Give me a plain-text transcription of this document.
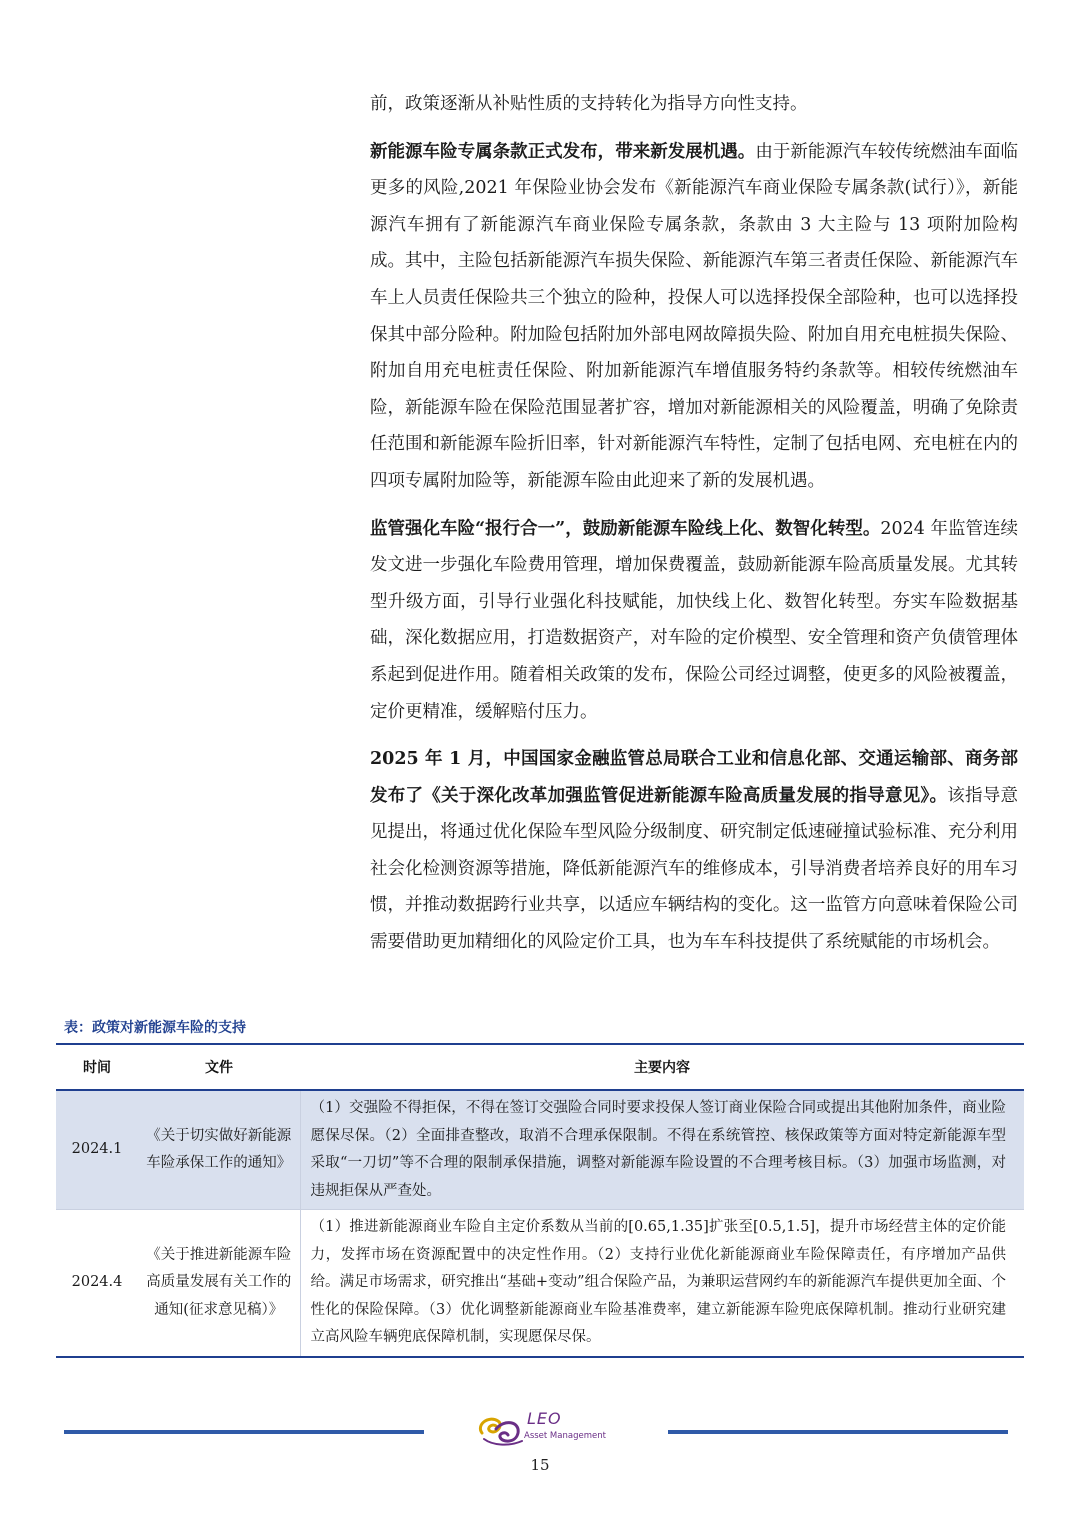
前，政策逐渐从补贴性质的支持转化为指导方向性支持。

新能源车险专属条款正式发布，带来新发展机遇。由于新能源汽车较传统燃油车面临更多的风险,2021 年保险业协会发布《新能源汽车商业保险专属条款(试行）》，新能源汽车拥有了新能源汽车商业保险专属条款，条款由 3 大主险与 13 项附加险构成。其中，主险包括新能源汽车损失保险、新能源汽车第三者责任保险、新能源汽车车上人员责任保险共三个独立的险种，投保人可以选择投保全部险种，也可以选择投保其中部分险种。附加险包括附加外部电网故障损失险、附加自用充电桩损失保险、附加自用充电桩责任保险、附加新能源汽车增值服务特约条款等。相较传统燃油车险，新能源车险在保险范围显著扩容，增加对新能源相关的风险覆盖，明确了免除责任范围和新能源车险折旧率，针对新能源汽车特性，定制了包括电网、充电桩在内的四项专属附加险等，新能源车险由此迎来了新的发展机遇。

监管强化车险“报行合一”，鼓励新能源车险线上化、数智化转型。2024 年监管连续发文进一步强化车险费用管理，增加保费覆盖，鼓励新能源车险高质量发展。尤其转型升级方面，引导行业强化科技赋能，加快线上化、数智化转型。夯实车险数据基础，深化数据应用，打造数据资产，对车险的定价模型、安全管理和资产负债管理体系起到促进作用。随着相关政策的发布，保险公司经过调整，使更多的风险被覆盖，定价更精准，缓解赔付压力。

2025 年 1 月，中国国家金融监管总局联合工业和信息化部、交通运输部、商务部发布了《关于深化改革加强监管促进新能源车险高质量发展的指导意见》。该指导意见提出，将通过优化保险车型风险分级制度、研究制定低速碰撞试验标准、充分利用社会化检测资源等措施，降低新能源汽车的维修成本，引导消费者培养良好的用车习惯，并推动数据跨行业共享，以适应车辆结构的变化。这一监管方向意味着保险公司需要借助更加精细化的风险定价工具，也为车车科技提供了系统赋能的市场机会。

表：政策对新能源车险的支持
时间	文件	主要内容
2024.1	《关于切实做好新能源车险承保工作的通知》	（1）交强险不得拒保，不得在签订交强险合同时要求投保人签订商业保险合同或提出其他附加条件，商业险愿保尽保。（2）全面排查整改，取消不合理承保限制。不得在系统管控、核保政策等方面对特定新能源车型采取“一刀切”等不合理的限制承保措施，调整对新能源车险设置的不合理考核目标。（3）加强市场监测，对违规拒保从严查处。
2024.4	《关于推进新能源车险高质量发展有关工作的通知(征求意见稿）》	（1）推进新能源商业车险自主定价系数从当前的[0.65,1.35]扩张至[0.5,1.5]，提升市场经营主体的定价能力，发挥市场在资源配置中的决定性作用。（2）支持行业优化新能源商业车险保障责任，有序增加产品供给。满足市场需求，研究推出“基础+变动”组合保险产品，为兼职运营网约车的新能源汽车提供更加全面、个性化的保险保障。（3）优化调整新能源商业车险基准费率，建立新能源车险兜底保障机制。推动行业研究建立高风险车辆兜底保障机制，实现愿保尽保。
LEO
Asset Management
15
